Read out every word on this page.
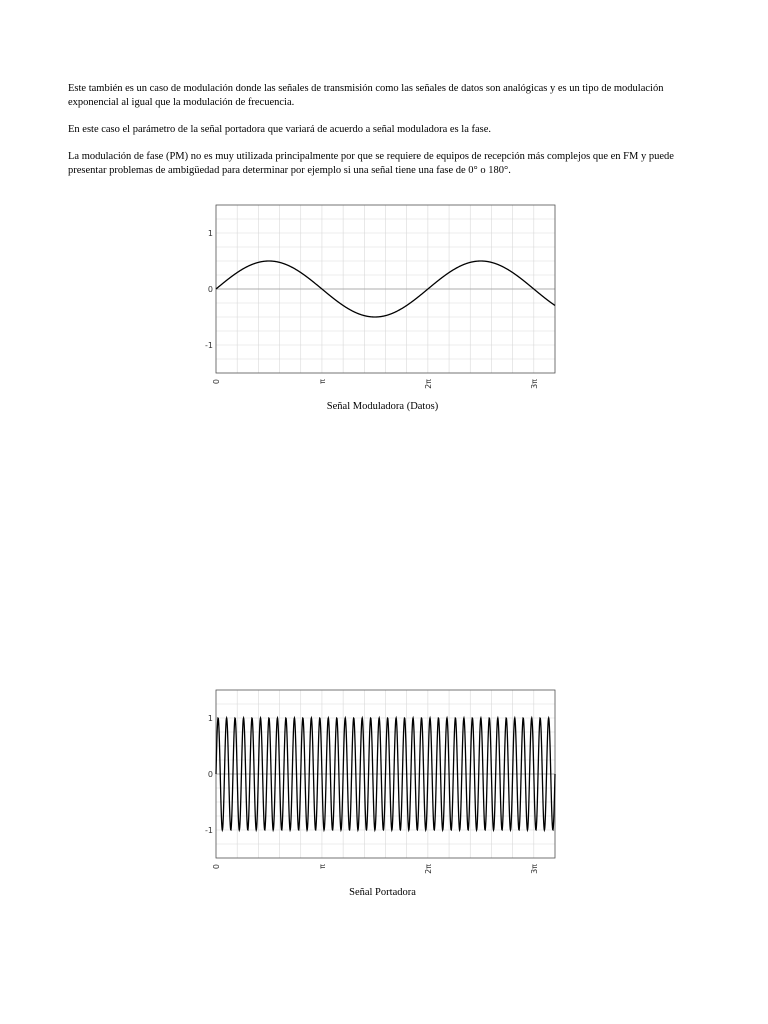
Este también es un caso de modulación donde las señales de transmisión como las señales de datos son analógicas y es un tipo de modulación exponencial al igual que la modulación de frecuencia.

En este caso el parámetro de la señal portadora que variará de acuerdo a señal moduladora es la fase.

La modulación de fase (PM) no es muy utilizada principalmente por que se requiere de equipos de recepción más complejos que en FM y puede presentar problemas de ambigüedad para determinar por ejemplo si una señal tiene una fase de 0° o 180°.

1
0
-1
0	π	2π	3π
Señal Moduladora (Datos)
1
0
-1
0	π	2π	3π
Señal Portadora
